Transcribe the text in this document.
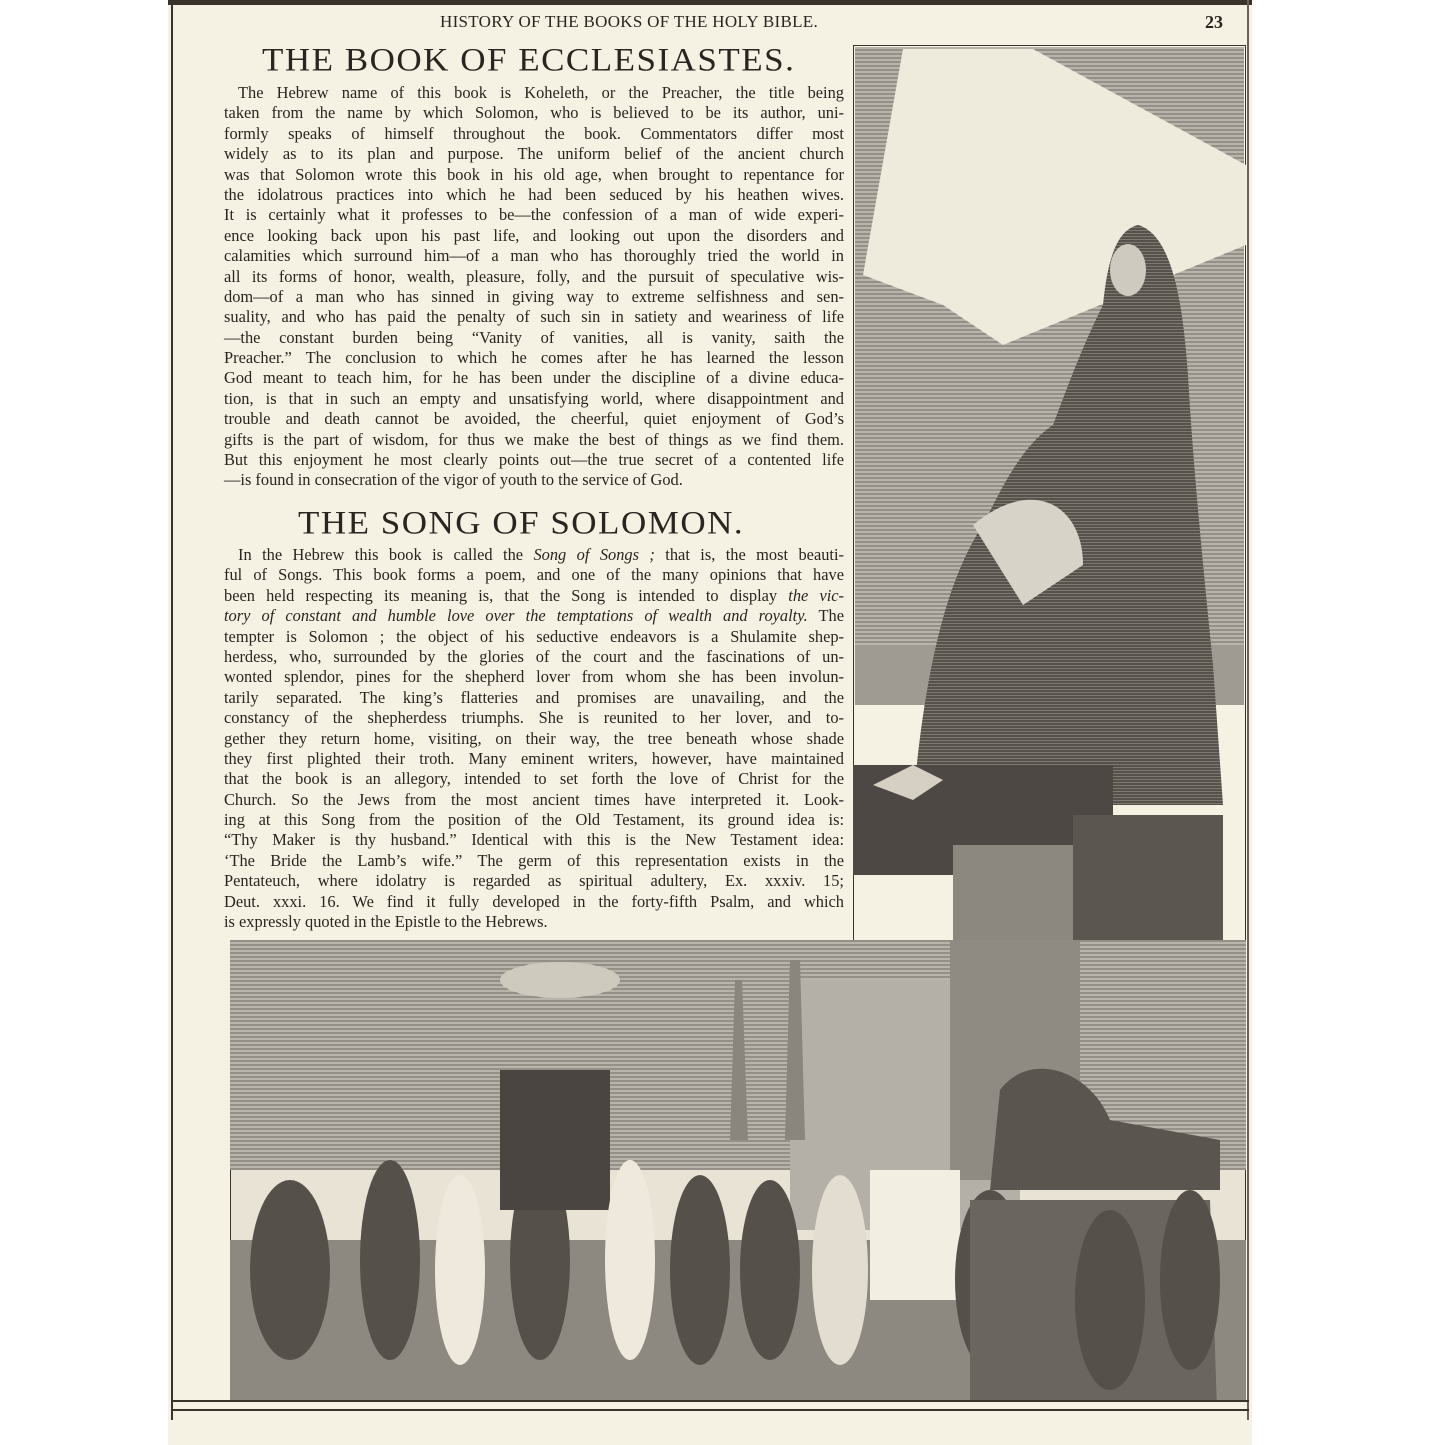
HISTORY OF THE BOOKS OF THE HOLY BIBLE.	23
THE BOOK OF ECCLESIASTES.
The Hebrew name of this book is Koheleth, or the Preacher, the title being
taken from the name by which Solomon, who is believed to be its author, uni-
formly speaks of himself throughout the book. Commentators differ most
widely as to its plan and purpose. The uniform belief of the ancient church
was that Solomon wrote this book in his old age, when brought to repentance for
the idolatrous practices into which he had been seduced by his heathen wives.
It is certainly what it professes to be—the confession of a man of wide experi-
ence looking back upon his past life, and looking out upon the disorders and
calamities which surround him—of a man who has thoroughly tried the world in
all its forms of honor, wealth, pleasure, folly, and the pursuit of speculative wis-
dom—of a man who has sinned in giving way to extreme selfishness and sen-
suality, and who has paid the penalty of such sin in satiety and weariness of life
—the constant burden being “Vanity of vanities, all is vanity, saith the
Preacher.” The conclusion to which he comes after he has learned the lesson
God meant to teach him, for he has been under the discipline of a divine educa-
tion, is that in such an empty and unsatisfying world, where disappointment and
trouble and death cannot be avoided, the cheerful, quiet enjoyment of God’s
gifts is the part of wisdom, for thus we make the best of things as we find them.
But this enjoyment he most clearly points out—the true secret of a contented life
—is found in consecration of the vigor of youth to the service of God.
THE SONG OF SOLOMON.
In the Hebrew this book is called the Song of Songs ; that is, the most beauti-
ful of Songs. This book forms a poem, and one of the many opinions that have
been held respecting its meaning is, that the Song is intended to display the vic-
tory of constant and humble love over the temptations of wealth and royalty. The
tempter is Solomon ; the object of his seductive endeavors is a Shulamite shep-
herdess, who, surrounded by the glories of the court and the fascinations of un-
wonted splendor, pines for the shepherd lover from whom she has been involun-
tarily separated. The king’s flatteries and promises are unavailing, and the
constancy of the shepherdess triumphs. She is reunited to her lover, and to-
gether they return home, visiting, on their way, the tree beneath whose shade
they first plighted their troth. Many eminent writers, however, have maintained
that the book is an allegory, intended to set forth the love of Christ for the
Church. So the Jews from the most ancient times have interpreted it. Look-
ing at this Song from the position of the Old Testament, its ground idea is:
“Thy Maker is thy husband.” Identical with this is the New Testament idea:
‘The Bride the Lamb’s wife.” The germ of this representation exists in the
Pentateuch, where idolatry is regarded as spiritual adultery, Ex. xxxiv. 15;
Deut. xxxi. 16. We find it fully developed in the forty-fifth Psalm, and which
is expressly quoted in the Epistle to the Hebrews.
